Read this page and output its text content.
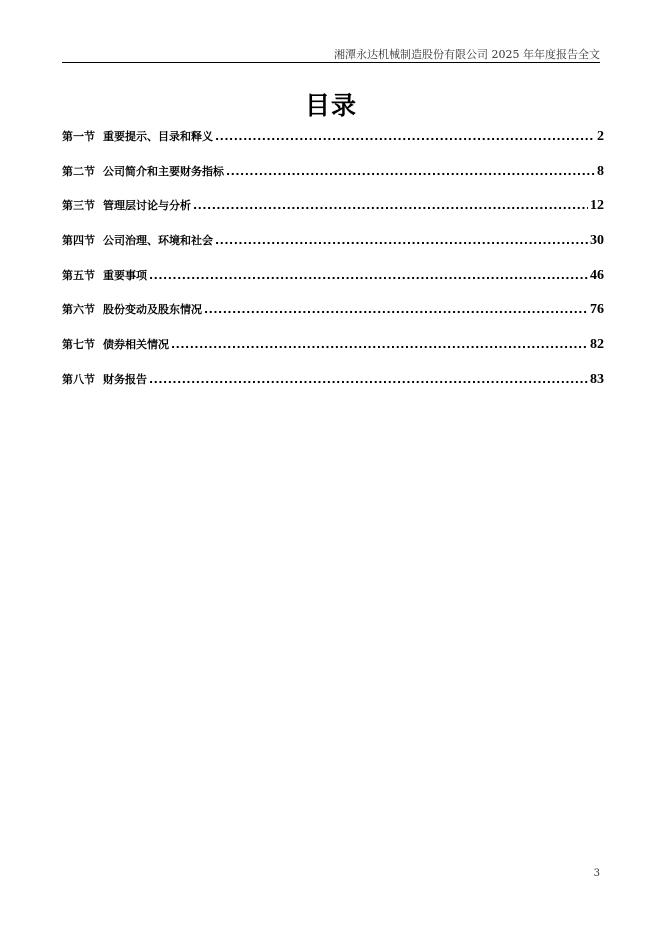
湘潭永达机械制造股份有限公司 2025 年年度报告全文
目录
第一节 重要提示、目录和释义 .....	2
第二节 公司简介和主要财务指标 .....	8
第三节 管理层讨论与分析 .....	12
第四节 公司治理、环境和社会 .....	30
第五节 重要事项 .....	46
第六节 股份变动及股东情况 .....	76
第七节 债券相关情况 .....	82
第八节 财务报告 .....	83
3
